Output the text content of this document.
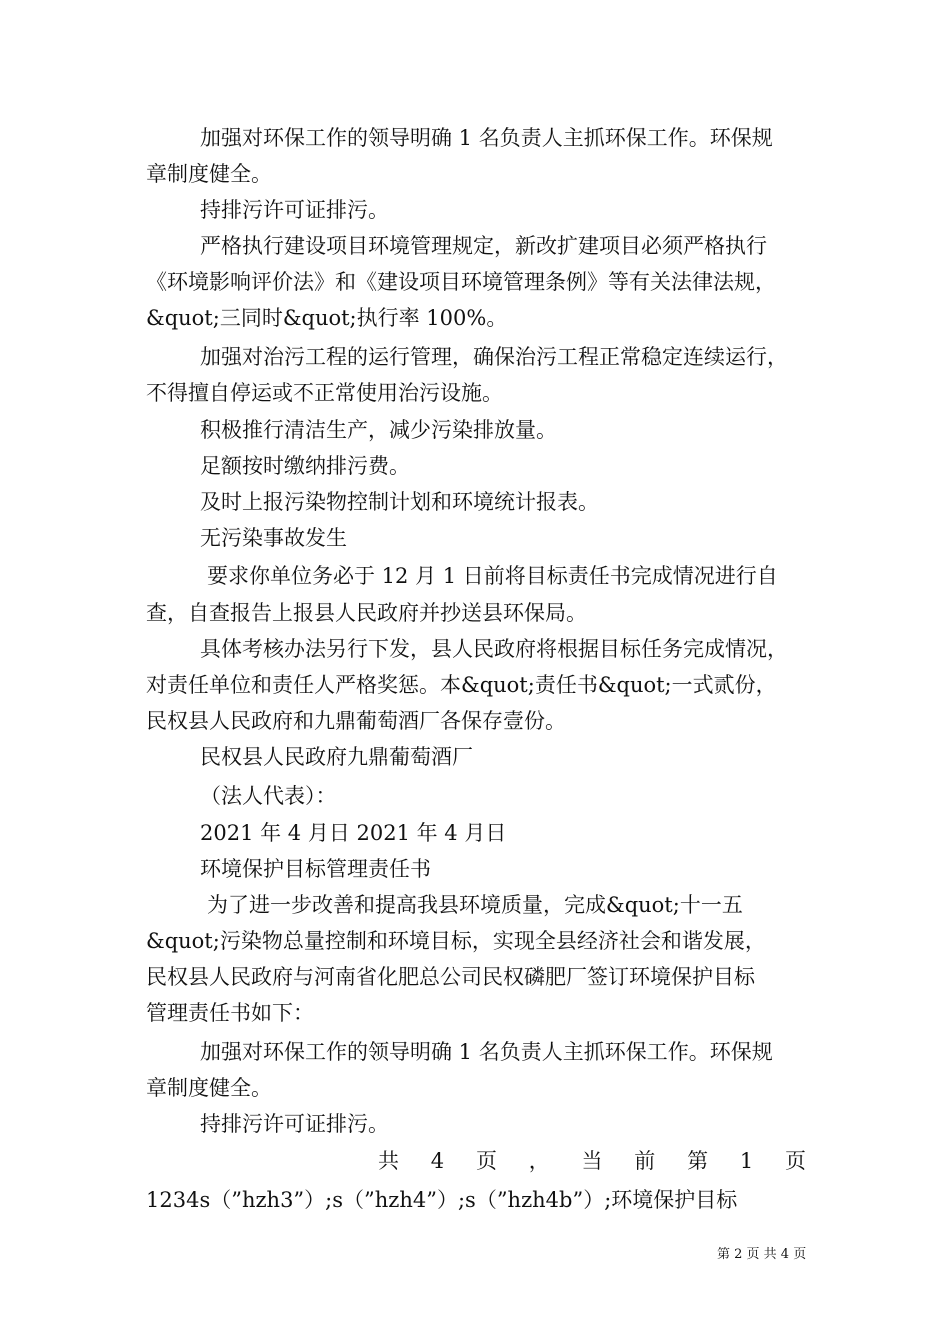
加强对环保工作的领导明确 1 名负责人主抓环保工作。环保规
章制度健全。
持排污许可证排污。
严格执行建设项目环境管理规定，新改扩建项目必须严格执行
《环境影响评价法》和《建设项目环境管理条例》等有关法律法规，
&quot;三同时&quot;执行率 100%。
加强对治污工程的运行管理，确保治污工程正常稳定连续运行，
不得擅自停运或不正常使用治污设施。
积极推行清洁生产，减少污染排放量。
足额按时缴纳排污费。
及时上报污染物控制计划和环境统计报表。
无污染事故发生
要求你单位务必于 12 月 1 日前将目标责任书完成情况进行自
查，自查报告上报县人民政府并抄送县环保局。
具体考核办法另行下发，县人民政府将根据目标任务完成情况，
对责任单位和责任人严格奖惩。本&quot;责任书&quot;一式贰份，
民权县人民政府和九鼎葡萄酒厂各保存壹份。
民权县人民政府九鼎葡萄酒厂
（法人代表）：
2021 年 4 月日 2021 年 4 月日
环境保护目标管理责任书
为了进一步改善和提高我县环境质量，完成&quot;十一五
&quot;污染物总量控制和环境目标，实现全县经济社会和谐发展，
民权县人民政府与河南省化肥总公司民权磷肥厂签订环境保护目标
管理责任书如下：
加强对环保工作的领导明确 1 名负责人主抓环保工作。环保规
章制度健全。
持排污许可证排污。
共 4 页 ， 当 前 第 1 页
1234s（”hzh3”）;s（”hzh4”）;s（”hzh4b”）;环境保护目标
第 2 页 共 4 页
